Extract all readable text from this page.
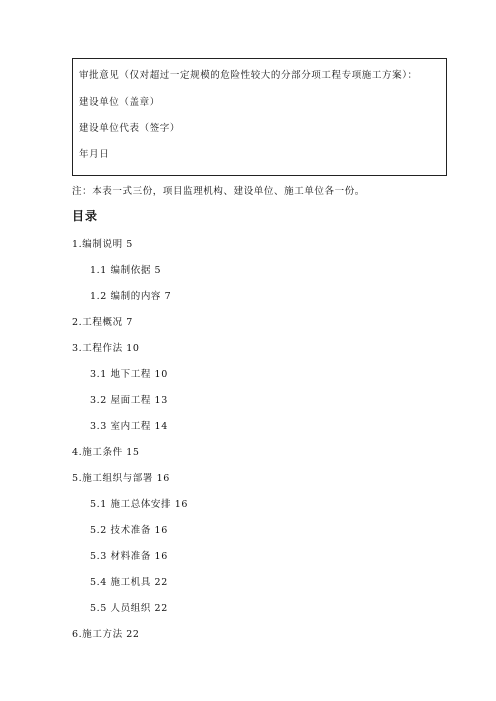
审批意见（仅对超过一定规模的危险性较大的分部分项工程专项施工方案）：
建设单位（盖章）
建设单位代表（签字）
年月日
注：本表一式三份，项目监理机构、建设单位、施工单位各一份。
目录
1.编制说明 5
1.1 编制依据 5
1.2 编制的内容 7
2.工程概况 7
3.工程作法 10
3.1 地下工程 10
3.2 屋面工程 13
3.3 室内工程 14
4.施工条件 15
5.施工组织与部署 16
5.1 施工总体安排 16
5.2 技术准备 16
5.3 材料准备 16
5.4 施工机具 22
5.5 人员组织 22
6.施工方法 22
